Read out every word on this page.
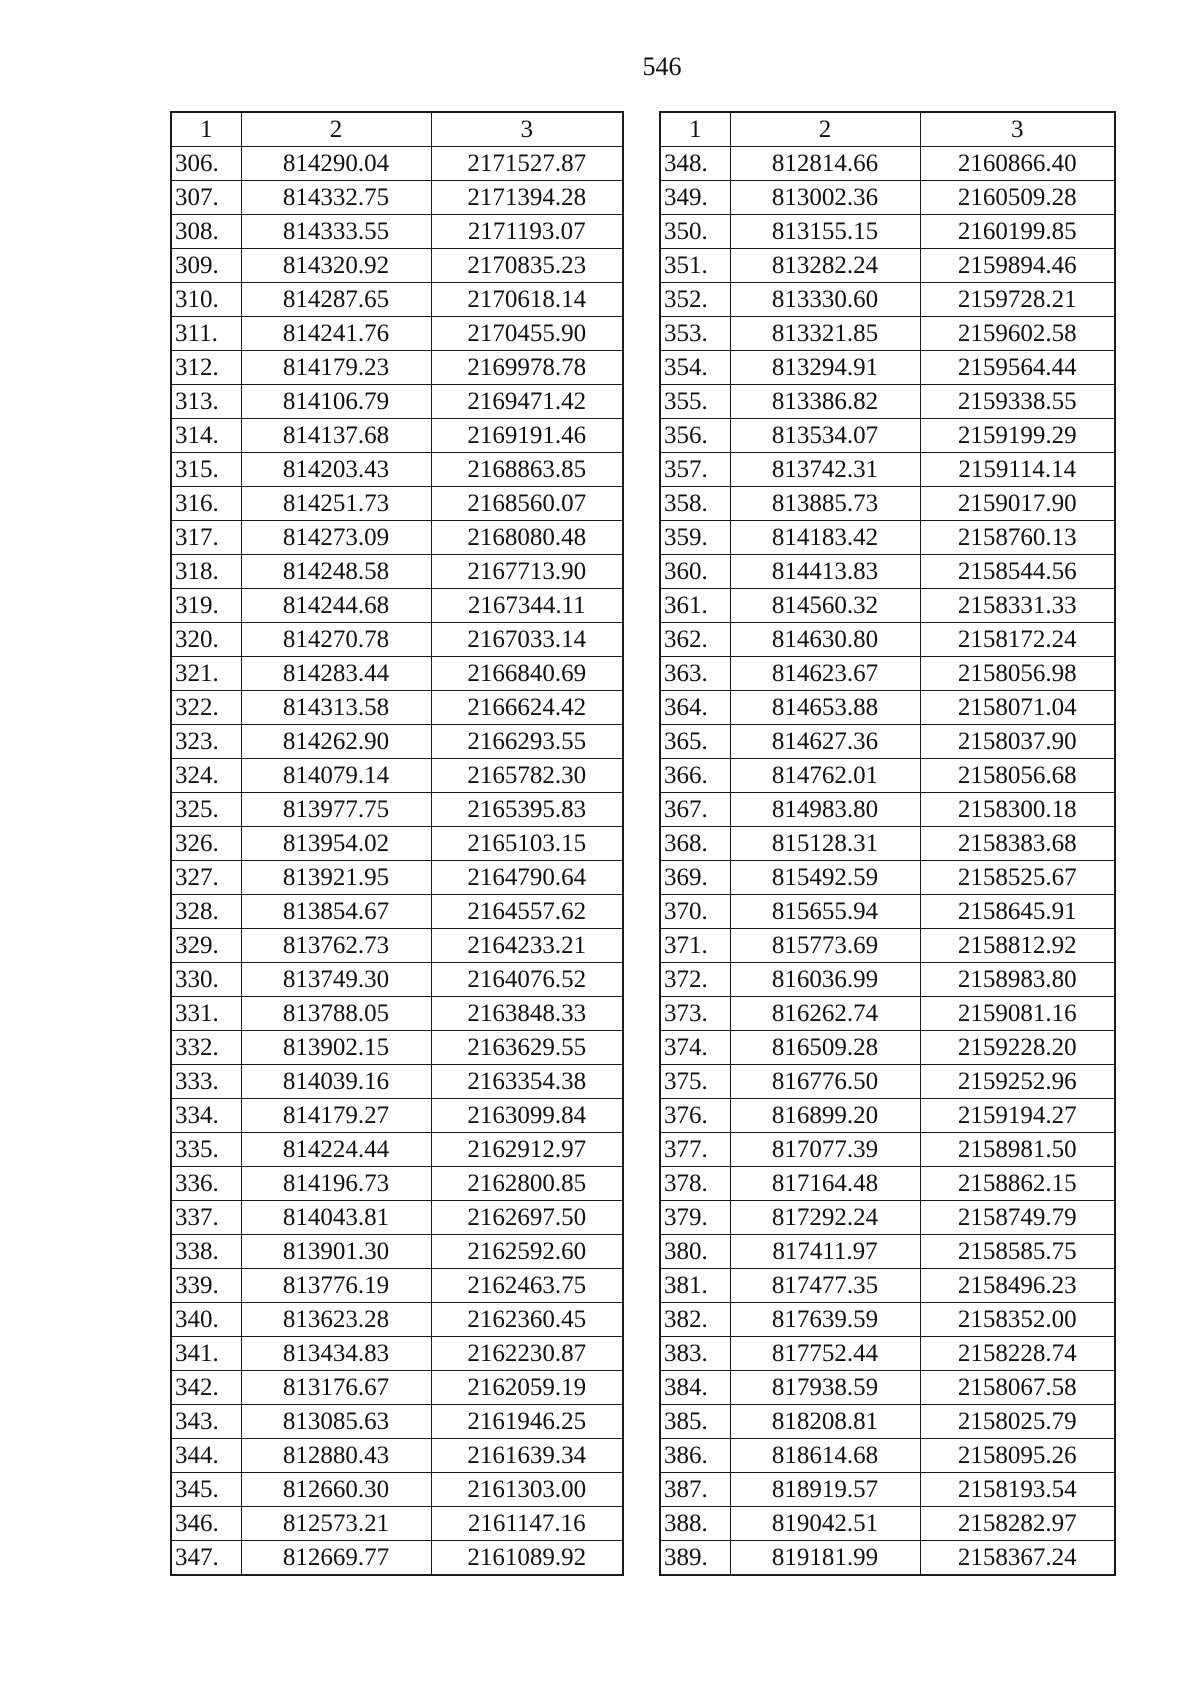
546
1	2	3
306.	814290.04	2171527.87
307.	814332.75	2171394.28
308.	814333.55	2171193.07
309.	814320.92	2170835.23
310.	814287.65	2170618.14
311.	814241.76	2170455.90
312.	814179.23	2169978.78
313.	814106.79	2169471.42
314.	814137.68	2169191.46
315.	814203.43	2168863.85
316.	814251.73	2168560.07
317.	814273.09	2168080.48
318.	814248.58	2167713.90
319.	814244.68	2167344.11
320.	814270.78	2167033.14
321.	814283.44	2166840.69
322.	814313.58	2166624.42
323.	814262.90	2166293.55
324.	814079.14	2165782.30
325.	813977.75	2165395.83
326.	813954.02	2165103.15
327.	813921.95	2164790.64
328.	813854.67	2164557.62
329.	813762.73	2164233.21
330.	813749.30	2164076.52
331.	813788.05	2163848.33
332.	813902.15	2163629.55
333.	814039.16	2163354.38
334.	814179.27	2163099.84
335.	814224.44	2162912.97
336.	814196.73	2162800.85
337.	814043.81	2162697.50
338.	813901.30	2162592.60
339.	813776.19	2162463.75
340.	813623.28	2162360.45
341.	813434.83	2162230.87
342.	813176.67	2162059.19
343.	813085.63	2161946.25
344.	812880.43	2161639.34
345.	812660.30	2161303.00
346.	812573.21	2161147.16
347.	812669.77	2161089.92
1	2	3
348.	812814.66	2160866.40
349.	813002.36	2160509.28
350.	813155.15	2160199.85
351.	813282.24	2159894.46
352.	813330.60	2159728.21
353.	813321.85	2159602.58
354.	813294.91	2159564.44
355.	813386.82	2159338.55
356.	813534.07	2159199.29
357.	813742.31	2159114.14
358.	813885.73	2159017.90
359.	814183.42	2158760.13
360.	814413.83	2158544.56
361.	814560.32	2158331.33
362.	814630.80	2158172.24
363.	814623.67	2158056.98
364.	814653.88	2158071.04
365.	814627.36	2158037.90
366.	814762.01	2158056.68
367.	814983.80	2158300.18
368.	815128.31	2158383.68
369.	815492.59	2158525.67
370.	815655.94	2158645.91
371.	815773.69	2158812.92
372.	816036.99	2158983.80
373.	816262.74	2159081.16
374.	816509.28	2159228.20
375.	816776.50	2159252.96
376.	816899.20	2159194.27
377.	817077.39	2158981.50
378.	817164.48	2158862.15
379.	817292.24	2158749.79
380.	817411.97	2158585.75
381.	817477.35	2158496.23
382.	817639.59	2158352.00
383.	817752.44	2158228.74
384.	817938.59	2158067.58
385.	818208.81	2158025.79
386.	818614.68	2158095.26
387.	818919.57	2158193.54
388.	819042.51	2158282.97
389.	819181.99	2158367.24
